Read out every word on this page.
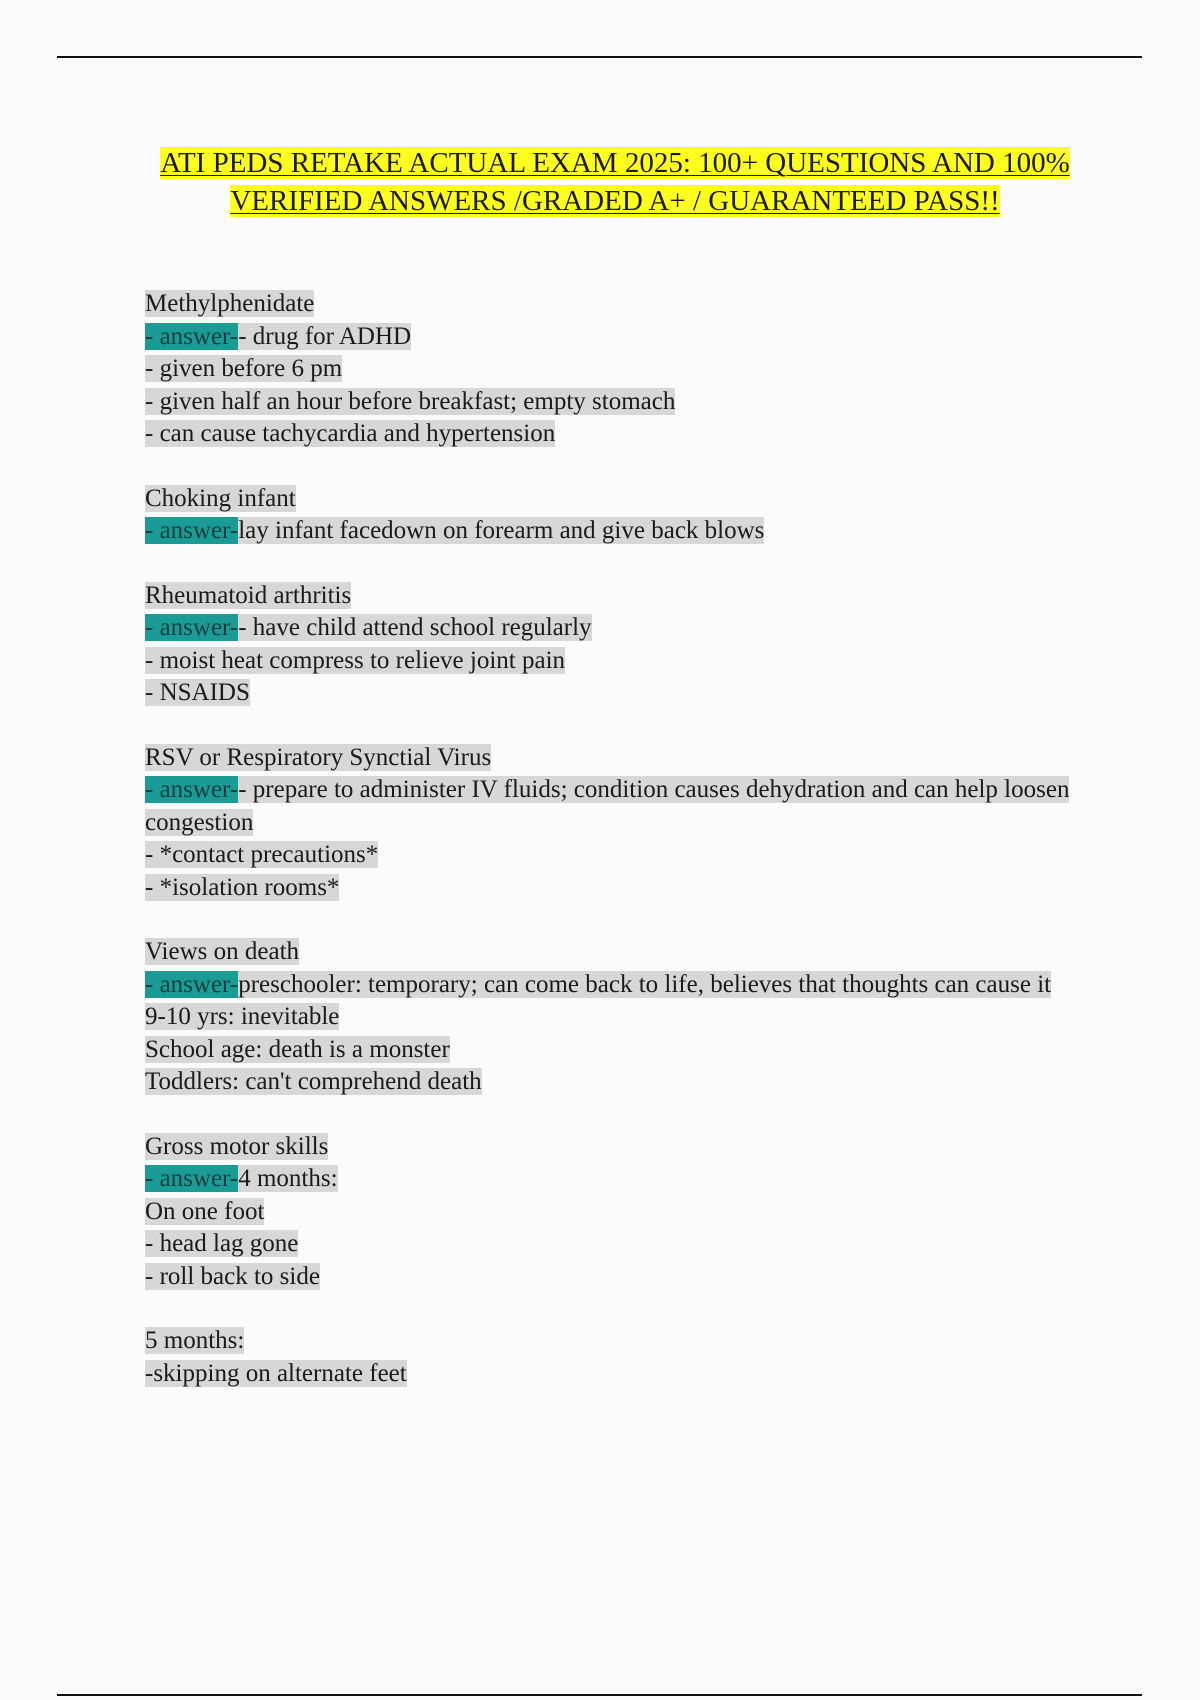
ATI PEDS RETAKE ACTUAL EXAM 2025: 100+ QUESTIONS AND 100% VERIFIED ANSWERS /GRADED A+ / GUARANTEED PASS!!
Methylphenidate
- answer-- drug for ADHD
- given before 6 pm
- given half an hour before breakfast; empty stomach
- can cause tachycardia and hypertension
Choking infant
- answer-lay infant facedown on forearm and give back blows
Rheumatoid arthritis
- answer-- have child attend school regularly
- moist heat compress to relieve joint pain
- NSAIDS
RSV or Respiratory Synctial Virus
- answer-- prepare to administer IV fluids; condition causes dehydration and can help loosen congestion
- *contact precautions*
- *isolation rooms*
Views on death
- answer-preschooler: temporary; can come back to life, believes that thoughts can cause it
9-10 yrs: inevitable
School age: death is a monster
Toddlers: can't comprehend death
Gross motor skills
- answer-4 months:
On one foot
- head lag gone
- roll back to side
5 months:
-skipping on alternate feet
